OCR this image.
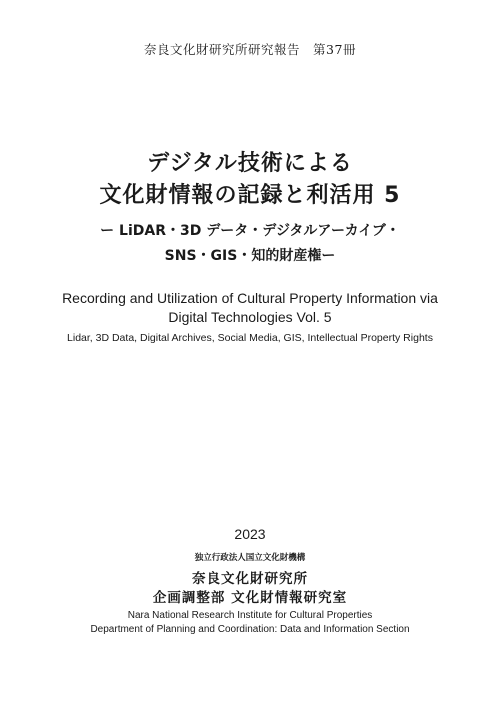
奈良文化財研究所研究報告　第37冊
デジタル技術による
文化財情報の記録と利活用 5
ー LiDAR・3D データ・デジタルアーカイブ・
SNS・GIS・知的財産権ー
Recording and Utilization of Cultural Property Information via
Digital Technologies Vol. 5
Lidar, 3D Data, Digital Archives, Social Media, GIS, Intellectual Property Rights
2023
独立行政法人国立文化財機構
奈良文化財研究所
企画調整部 文化財情報研究室
Nara National Research Institute for Cultural Properties
Department of Planning and Coordination: Data and Information Section
